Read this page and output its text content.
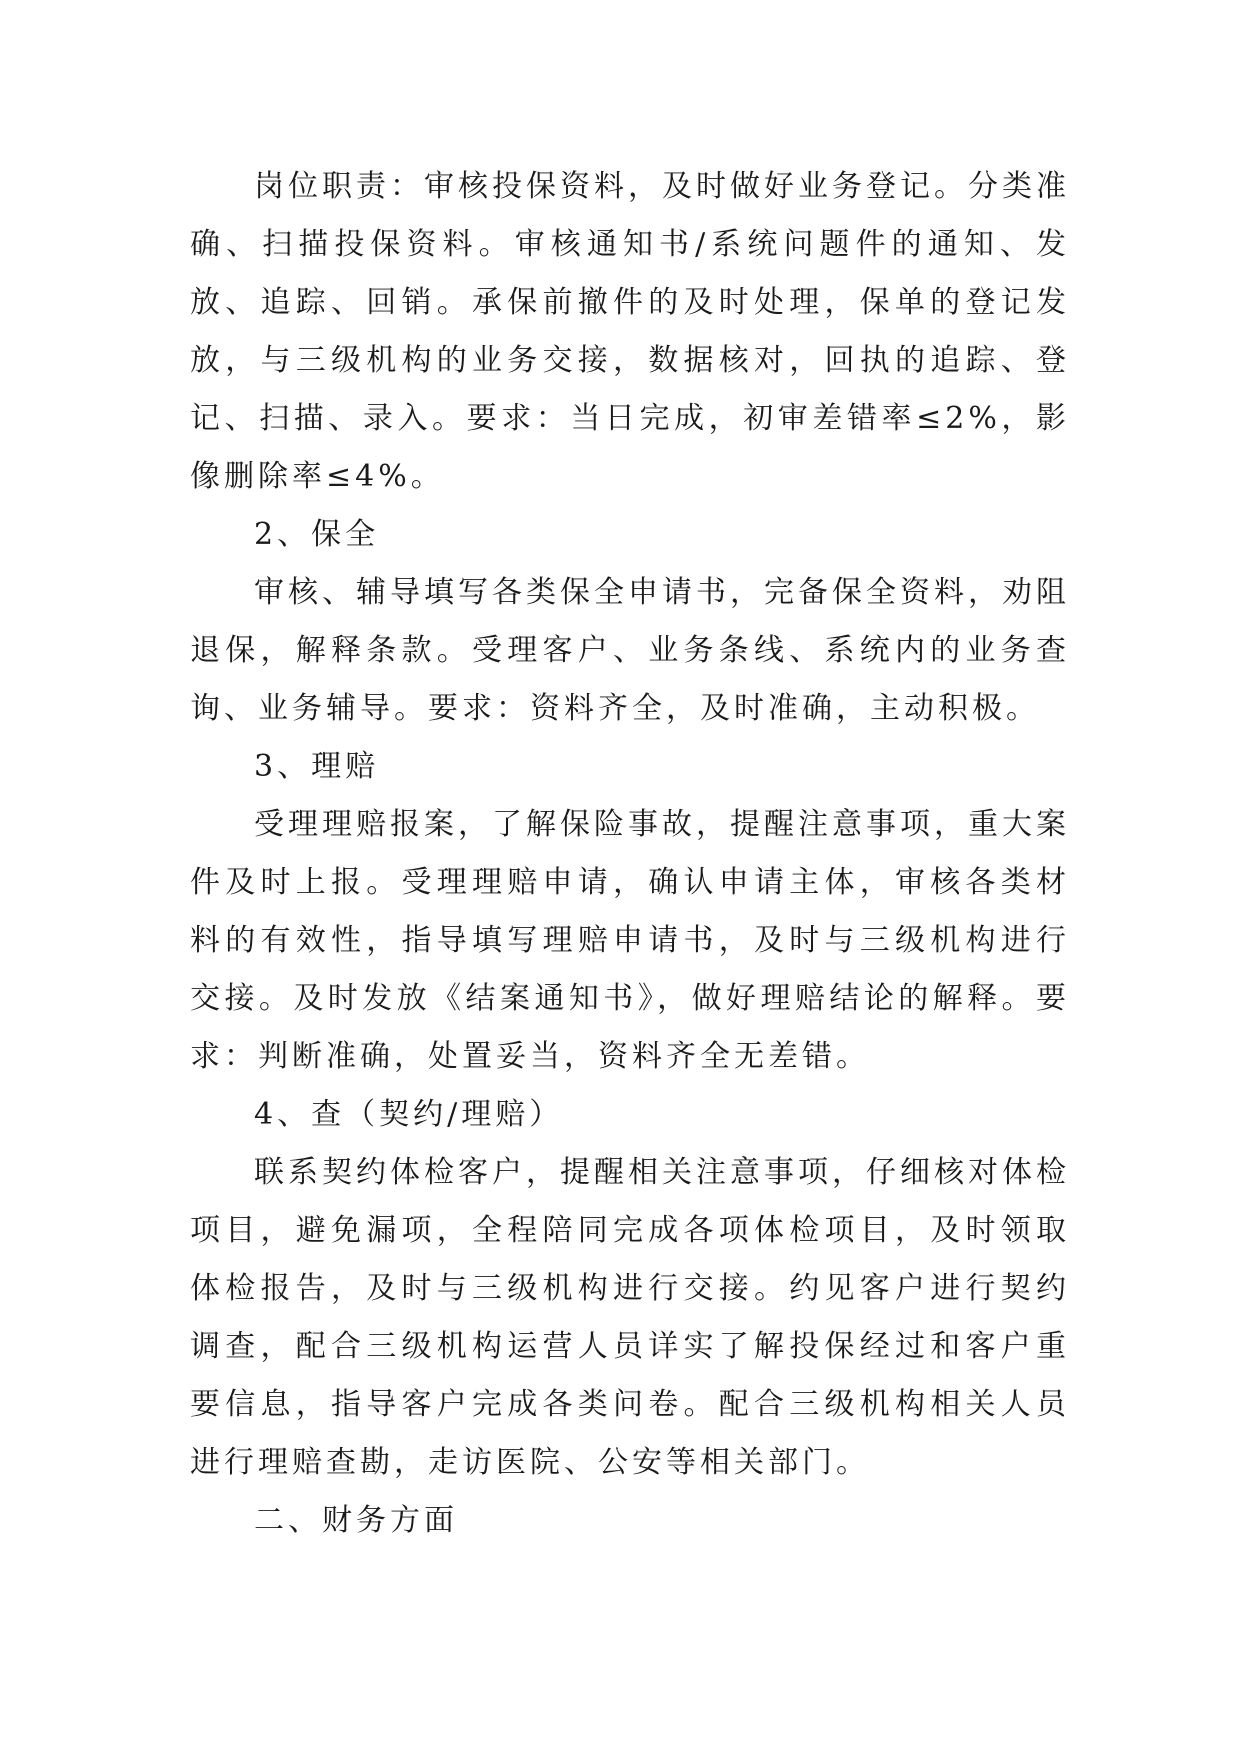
岗位职责：审核投保资料，及时做好业务登记。分类准确、扫描投保资料。审核通知书/系统问题件的通知、发放、追踪、回销。承保前撤件的及时处理，保单的登记发放，与三级机构的业务交接，数据核对，回执的追踪、登记、扫描、录入。要求：当日完成，初审差错率≤2%，影像删除率≤4%。

2、保全

审核、辅导填写各类保全申请书，完备保全资料，劝阻退保，解释条款。受理客户、业务条线、系统内的业务查询、业务辅导。要求：资料齐全，及时准确，主动积极。

3、理赔

受理理赔报案，了解保险事故，提醒注意事项，重大案件及时上报。受理理赔申请，确认申请主体，审核各类材料的有效性，指导填写理赔申请书，及时与三级机构进行交接。及时发放《结案通知书》，做好理赔结论的解释。要求：判断准确，处置妥当，资料齐全无差错。

4、查（契约/理赔）

联系契约体检客户，提醒相关注意事项，仔细核对体检项目，避免漏项，全程陪同完成各项体检项目，及时领取体检报告，及时与三级机构进行交接。约见客户进行契约调查，配合三级机构运营人员详实了解投保经过和客户重要信息，指导客户完成各类问卷。配合三级机构相关人员进行理赔查勘，走访医院、公安等相关部门。

二、财务方面
